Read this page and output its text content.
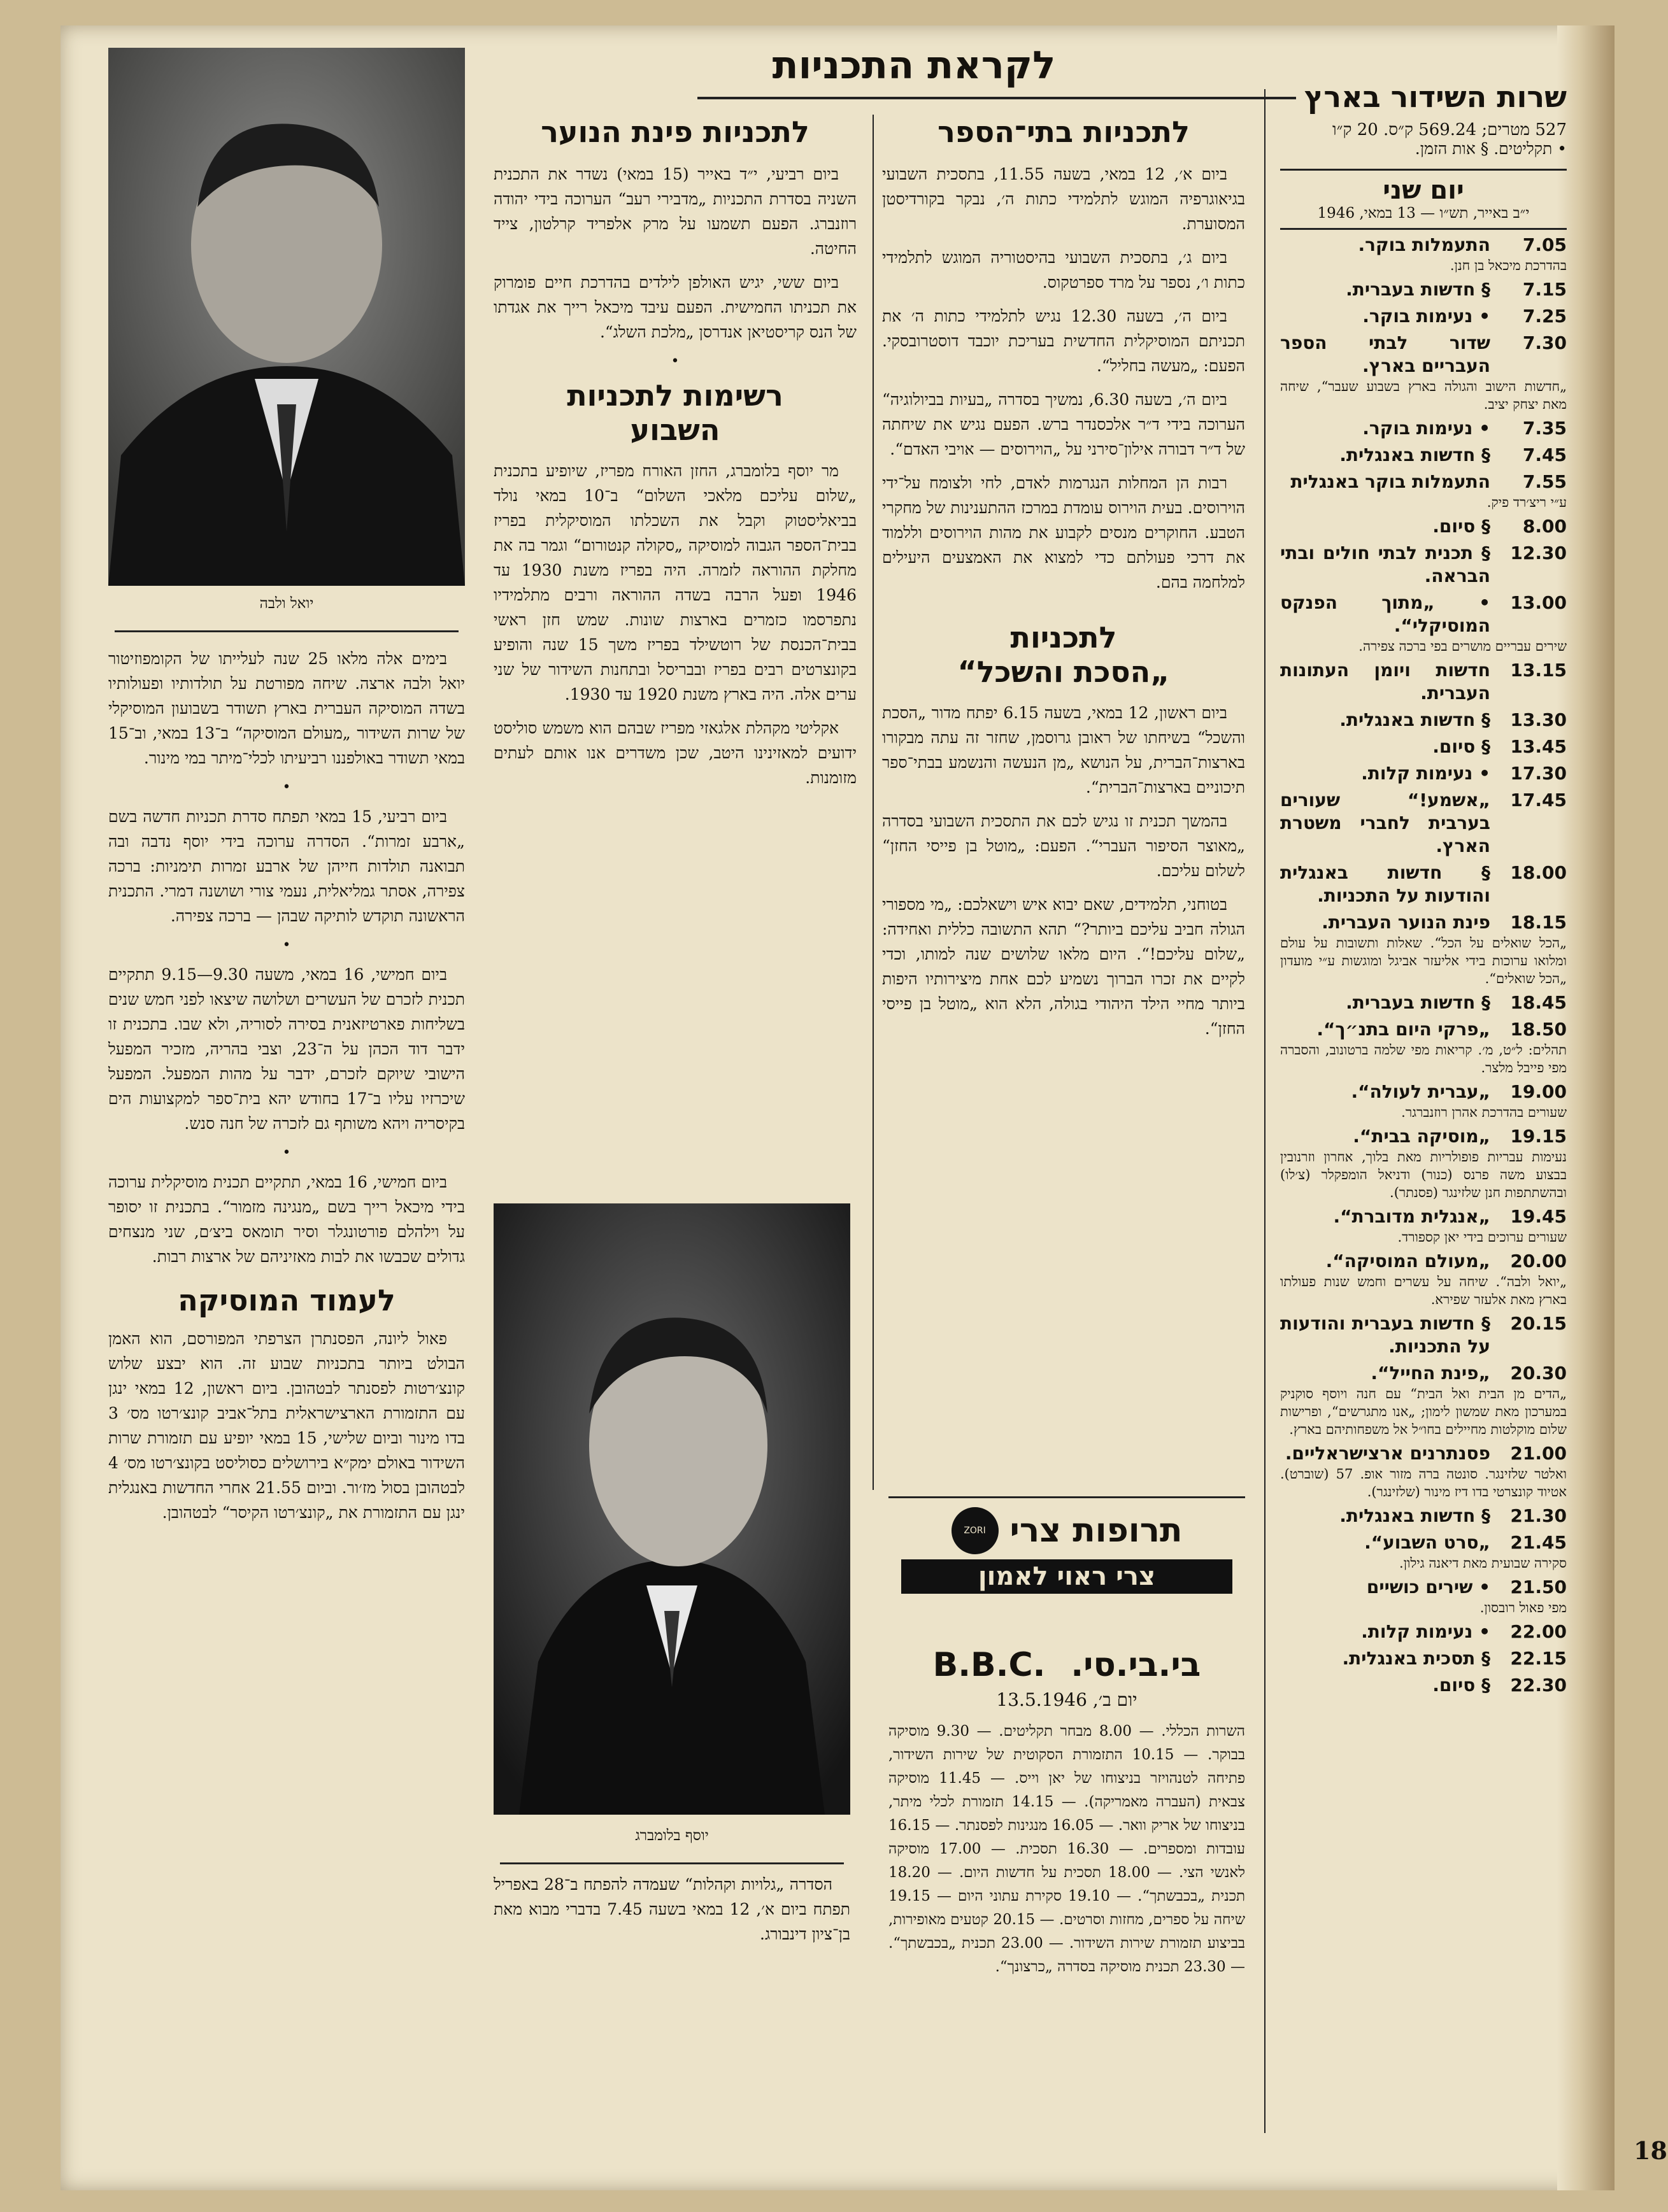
לקראת התכניות
שרות השידור בארץ
527 מטרים; 569.24 ק״ס. 20 ק״ו
• תקליטים. § אות הזמן.
יום שני
י״ב באייר, תש״ו — 13 במאי, 1946
7.05
התעמלות בוקר.
בהדרכת מיכאל בן חנן.
7.15
§ חדשות בעברית.
7.25
• נעימות בוקר.
7.30
שדור לבתי הספר העבריים בארץ.
„חדשות הישוב והגולה בארץ בשבוע שעבר“, שיחה מאת יצחק יציב.
7.35
• נעימות בוקר.
7.45
§ חדשות באנגלית.
7.55
התעמלות בוקר באנגלית
ע״י ריצ׳רד פיק.
8.00
§ סיום.
12.30
§ תכנית לבתי חולים ובתי הבראה.
13.00
• „מתוך הפנקס המוסיקלי“.
שירים עבריים מושרים בפי ברכה צפירה.
13.15
חדשות ויומן העתונות העברית.
13.30
§ חדשות באנגלית.
13.45
§ סיום.
17.30
• נעימות קלות.
17.45
„אשמע!“ שעורים בערבית לחברי משטרת הארץ.
18.00
§ חדשות באנגלית והודעות על התכניות.
18.15
פינת הנוער העברית.
„הכל שואלים על הכל“. שאלות ותשובות על עולם ומלואו ערוכות בידי אליעזר אביגל ומוגשות ע״י מועדון „הכל שואלים“.
18.45
§ חדשות בעברית.
18.50
„פרקי היום בתנ״ך“.
תהלים: ל״ט, מ׳. קריאות מפי שלמה ברטונוב, והסברה מפי פייבל מלצר.
19.00
„עברית לעולה“.
שעורים בהדרכת אהרן רוזנברגר.
19.15
„מוסיקה בבית“.
נעימות עבריות פופולריות מאת בלוך, אחרון וזרנובין בבצוע משה פרנס (כנור) ודניאל הומפקלר (צ׳לו) ובהשתתפות חנן שלזינגר (פסנתר).
19.45
„אנגלית מדוברת“.
שעורים ערוכים בידי יאן קספורד.
20.00
„מעולם המוסיקה“.
„יואל ולבה“. שיחה על עשרים וחמש שנות פעולתו בארץ מאת אלעזר שפירא.
20.15
§ חדשות בעברית והודעות על התכניות.
20.30
„פינת החייל“.
„הדים מן הבית ואל הבית“ עם חנה ויוסף סוקניק במערכון מאת שמשון לימון; „אנו מתגרשים“, ופרישות שלום מוקלטות מחיילים בחו״ל אל משפחותיהם בארץ.
21.00
פסנתרנים ארצישראליים.
ואלטר שלזינגר. סונטה ברה מזור אופ. 57 (שוברט). אטיוד קונצרטי בדו דיז מינור (שלזינגר).
21.30
§ חדשות באנגלית.
21.45
„סרט השבוע“.
סקירה שבועית מאת דיאנה גילון.
21.50
• שירים כושיים
מפי פאול רובסון.
22.00
• נעימות קלות.
22.15
§ תסכית באנגלית.
22.30
§ סיום.
לתכניות בתי־הספר

ביום א׳, 12 במאי, בשעה 11.55, בתסכית השבועי בגיאוגרפיה המוגש לתלמידי כתות ה׳, נבקר בקורדיסטן המסוערת.

ביום ג׳, בתסכית השבועי בהיסטוריה המוגש לתלמידי כתות ו׳, נספר על מרד ספרטקוס.

ביום ה׳, בשעה 12.30 נגיש לתלמידי כתות ה׳ את תכניתם המוסיקלית החדשית בעריכת יוכבד דוסטרובסקי. הפעם: „מעשה בחליל“.

ביום ה׳, בשעה 6.30, נמשיך בסדרה „בעיות בביולוגיה“ הערוכה בידי ד״ר אלכסנדר ברש. הפעם נגיש את שיחתה של ד״ר דבורה אילון־סירני על „הוירוסים — אויבי האדם“.

רבות הן המחלות הנגרמות לאדם, לחי ולצומח על־ידי הוירוסים. בעית הוירוס עומדת במרכז ההתענינות של מחקרי הטבע. החוקרים מנסים לקבוע את מהות הוירוסים וללמוד את דרכי פעולתם כדי למצוא את האמצעים היעילים למלחמה בהם.

לתכניות
„הסכת והשכל“

ביום ראשון, 12 במאי, בשעה 6.15 יפתח מדור „הסכת והשכל“ בשיחתו של ראובן גרוסמן, שחזר זה עתה מבקורו בארצות־הברית, על הנושא „מן הנעשה והנשמע בבתי־ספר תיכוניים בארצות־הברית“.

בהמשך תכנית זו נגיש לכם את התסכית השבועי בסדרה „מאוצר הסיפור העברי“. הפעם: „מוטל בן פייסי החזן“ לשלום עליכם.

בטוחני, תלמידים, שאם יבוא איש וישאלכם: „מי מספורי הגולה חביב עליכם ביותר?“ תהא התשובה כללית ואחידה: „שלום עליכם!“. היום מלאו שלושים שנה למותו, וכדי לקיים את זכרו הברוך נשמיע לכם אחת מיצירותיו היפות ביותר מחיי הילד היהודי בגולה, הלא הוא „מוטל בן פייסי החזן“.

תרופות צרי
ZORI
צרי ראוי לאמון
בי.בי.סי.
B.B.C.
יום ב׳, 13.5.1946
השרות הכללי. — 8.00 מבחר תקליטים. — 9.30 מוסיקה בבוקר. — 10.15 התזמורת הסקוטית של שירות השידור, פתיחה לטנהויזר בניצוחו של יאן וייס. — 11.45 מוסיקה צבאית (העברה מאמריקה). — 14.15 תזמורת לכלי מיתר, בניצוחו של אריק וואר. — 16.05 מנגינות לפסנתר. — 16.15 עובדות ומספרים. — 16.30 תסכית. — 17.00 מוסיקה לאנשי הצי. — 18.00 תסכית על חדשות היום. — 18.20 תכנית „בכבשתך“. — 19.10 סקירת עתוני היום — 19.15 שיחה על ספרים, מחזות וסרטים. — 20.15 קטעים מאופירות, בביצוע תזמורת שירות השידור. — 23.00 תכנית „בכבשתך“. — 23.30 תכנית מוסיקה בסדרה „כרצונך“.
לתכניות פינת הנוער

ביום רביעי, י״ד באייר (15 במאי) נשדר את התכנית השניה בסדרת התכניות „מדבירי רעב“ הערוכה בידי יהודה רוזנברג. הפעם תשמעו על מרק אלפריד קרלטון, צייד החיטה.

ביום ששי, יגיש האולפן לילדים בהדרכת חיים פומרוק את תכניתו החמישית. הפעם עיבד מיכאל רייך את אגדתו של הנס קריסטיאן אנדרסן „מלכת השלג“.

•
רשימות לתכניות
השבוע

מר יוסף בלומברג, החזן האורח מפריז, שיופיע בתכנית „שלום עליכם מלאכי השלום“ ב־10 במאי נולד בביאליסטוק וקבל את השכלתו המוסיקלית בפריז בבית־הספר הגבוה למוסיקה „סקולה קנטורום“ וגמר בה את מחלקת ההוראה לזמרה. היה בפריז משנת 1930 עד 1946 ופעל הרבה בשדה ההוראה ורבים מתלמידיו נתפרסמו כזמרים בארצות שונות. שמש חזן ראשי בבית־הכנסת של רוטשילד בפריז משך 15 שנה והופיע בקונצרטים רבים בפריז ובבריסל ובתחנות השידור של שני ערים אלה. היה בארץ משנת 1920 עד 1930.

אקליטי מקהלת אלגאזי מפריז שבהם הוא משמש סוליסט ידועים למאזינינו היטב, שכן משדרים אנו אותם לעתים מזומנות.

יוסף בלומברג

הסדרה „גלויות וקהלות“ שעמדה להפתח ב־28 באפריל תפתח ביום א׳, 12 במאי בשעה 7.45 בדברי מבוא מאת בן־ציון דינבורג.

יואל ולבה

בימים אלה מלאו 25 שנה לעלייתו של הקומפוזיטור יואל ולבה ארצה. שיחה מפורטת על תולדותיו ופעולותיו בשדה המוסיקה העברית בארץ תשודר בשבועון המוסיקלי של שרות השידור „מעולם המוסיקה“ ב־13 במאי, וב־15 במאי תשודר באולפננו רביעיתו לכלי־מיתר במי מינור.

•

ביום רביעי, 15 במאי תפתח סדרת תכניות חדשה בשם „ארבע זמרות“. הסדרה ערוכה בידי יוסף נדבה ובה תבואנה תולדות חייהן של ארבע זמרות תימניות: ברכה צפירה, אסתר גמליאלית, נעמי צורי ושושנה דמרי. התכנית הראשונה תוקדש לותיקה שבהן — ברכה צפירה.

•

ביום חמישי, 16 במאי, משעה 9.30—9.15 תתקיים תכנית לזכרם של העשרים ושלושה שיצאו לפני חמש שנים בשליחות פארטיזאנית בסירה לסוריה, ולא שבו. בתכנית זו ידבר דוד הכהן על ה־23, וצבי בהריה, מזכיר המפעל הישובי שיוקם לזכרם, ידבר על מהות המפעל. המפעל שיכרזיו עליו ב־17 בחודש יהא בית־ספר למקצועות הים בקיסריה ויהא משותף גם לזכרה של חנה סנש.

•

ביום חמישי, 16 במאי, תתקיים תכנית מוסיקלית ערוכה בידי מיכאל רייך בשם „מנגינה מזמור“. בתכנית זו יסופר על וילהלם פורטונגלר וסיר תומאס ביצ׳ם, שני מנצחים גדולים שכבשו את לבות מאזיניהם של ארצות רבות.

לעמוד המוסיקה

פאול ליונה, הפסנתרן הצרפתי המפורסם, הוא האמן הבולט ביותר בתכניות שבוע זה. הוא יבצע שלוש קונצ׳רטות לפסנתר לבטהובן. ביום ראשון, 12 במאי ינגן עם התזמורת הארצישראלית בתל־אביב קונצ׳רטו מס׳ 3 בדו מינור וביום שלישי, 15 במאי יופיע עם תזמורת שרות השידור באולם ימק״א בירושלים כסוליסט בקונצ׳רטו מס׳ 4 לבטהובן בסול מז׳ור. וביום 21.55 אחרי החדשות באנגלית ינגן עם התזמורת את „קונצ׳רטו הקיסר“ לבטהובן.

18
